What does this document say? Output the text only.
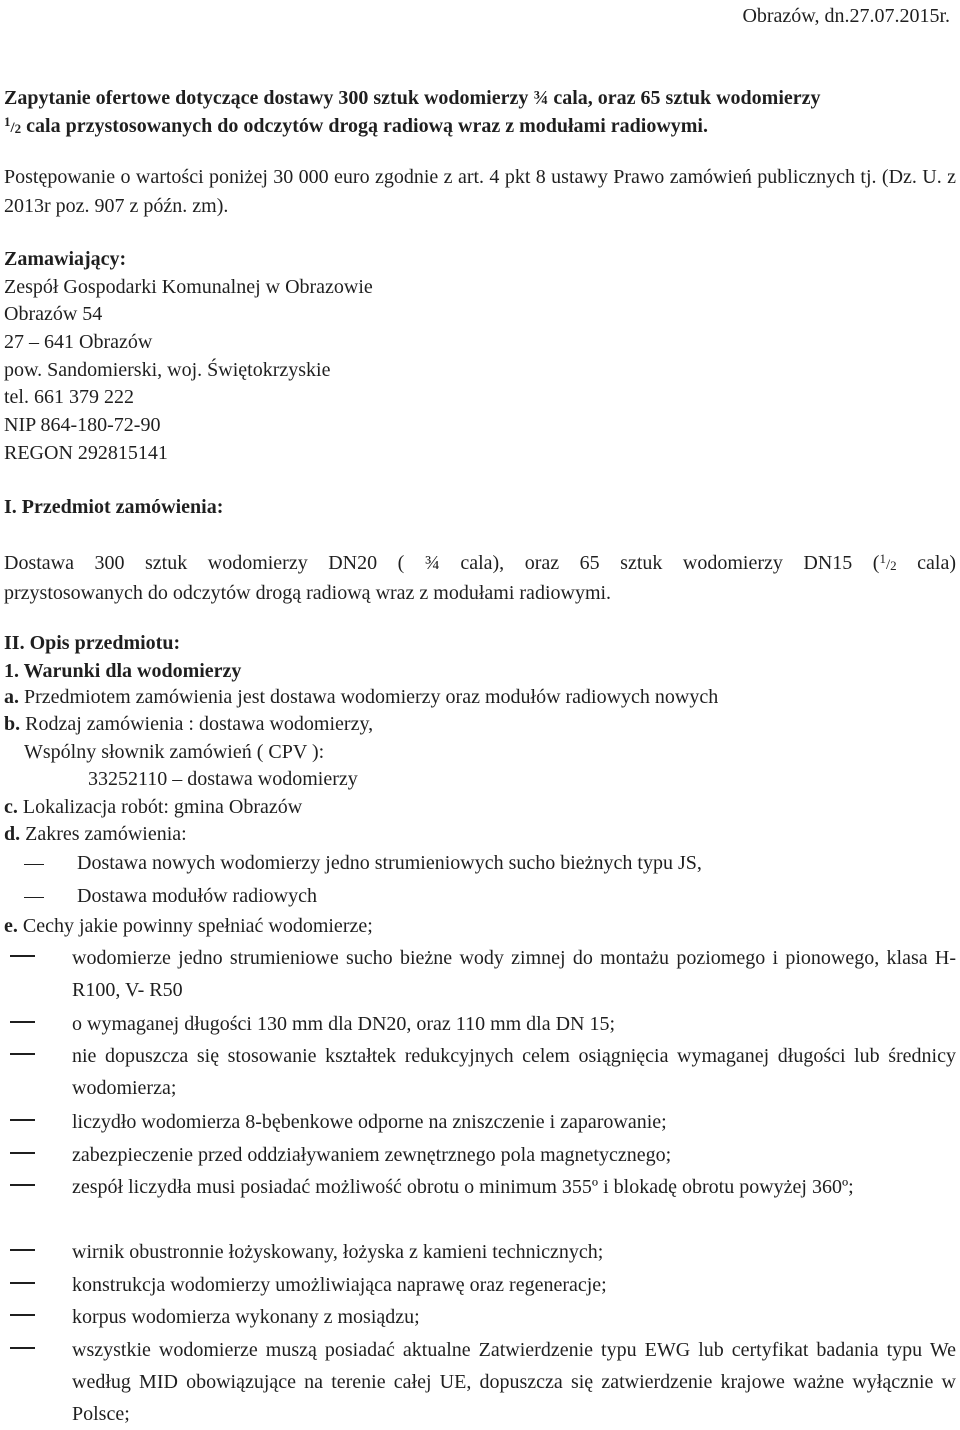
Obrazów, dn.27.07.2015r.
Zapytanie ofertowe dotyczące dostawy 300 sztuk wodomierzy ¾ cala, oraz 65 sztuk wodomierzy
$^1/_2$ cala przystosowanych do odczytów drogą radiową wraz z modułami radiowymi.
Postępowanie o wartości poniżej 30 000 euro zgodnie z art. 4 pkt 8 ustawy Prawo zamówień publicznych tj. (Dz. U. z 2013r poz. 907 z późn. zm).
Zamawiający:
Zespół Gospodarki Komunalnej w Obrazowie
Obrazów 54
27 – 641 Obrazów
pow. Sandomierski, woj. Świętokrzyskie
tel. 661 379 222
NIP 864-180-72-90
REGON 292815141
I. Przedmiot zamówienia:
Dostawa 300 sztuk wodomierzy DN20 ( ¾ cala), oraz 65 sztuk wodomierzy DN15 ($^1/_2$ cala)
przystosowanych do odczytów drogą radiową wraz z modułami radiowymi.
II. Opis przedmiotu:
1. Warunki dla wodomierzy
a. Przedmiotem zamówienia jest dostawa wodomierzy oraz modułów radiowych nowych
b. Rodzaj zamówienia : dostawa wodomierzy,
Wspólny słownik zamówień ( CPV ):
33252110 – dostawa wodomierzy
c. Lokalizacja robót: gmina Obrazów
d. Zakres zamówienia:
Dostawa nowych wodomierzy jedno strumieniowych sucho bieżnych typu JS,
Dostawa modułów radiowych
e. Cechy jakie powinny spełniać wodomierze;
wodomierze jedno strumieniowe sucho bieżne wody zimnej do montażu poziomego i pionowego, klasa H- R100, V- R50
o wymaganej długości 130 mm dla DN20, oraz 110 mm dla DN 15;
nie dopuszcza się stosowanie kształtek redukcyjnych celem osiągnięcia wymaganej długości lub średnicy wodomierza;
liczydło wodomierza 8-bębenkowe odporne na zniszczenie i zaparowanie;
zabezpieczenie przed oddziaływaniem zewnętrznego pola magnetycznego;
zespół liczydła musi posiadać możliwość obrotu o minimum 355º i blokadę obrotu powyżej 360º;
wirnik obustronnie łożyskowany, łożyska z kamieni technicznych;
konstrukcja wodomierzy umożliwiająca naprawę oraz regeneracje;
korpus wodomierza wykonany z mosiądzu;
wszystkie wodomierze muszą posiadać aktualne Zatwierdzenie typu EWG lub certyfikat badania typu We według MID obowiązujące na terenie całej UE, dopuszcza się zatwierdzenie krajowe ważne wyłącznie w Polsce;
